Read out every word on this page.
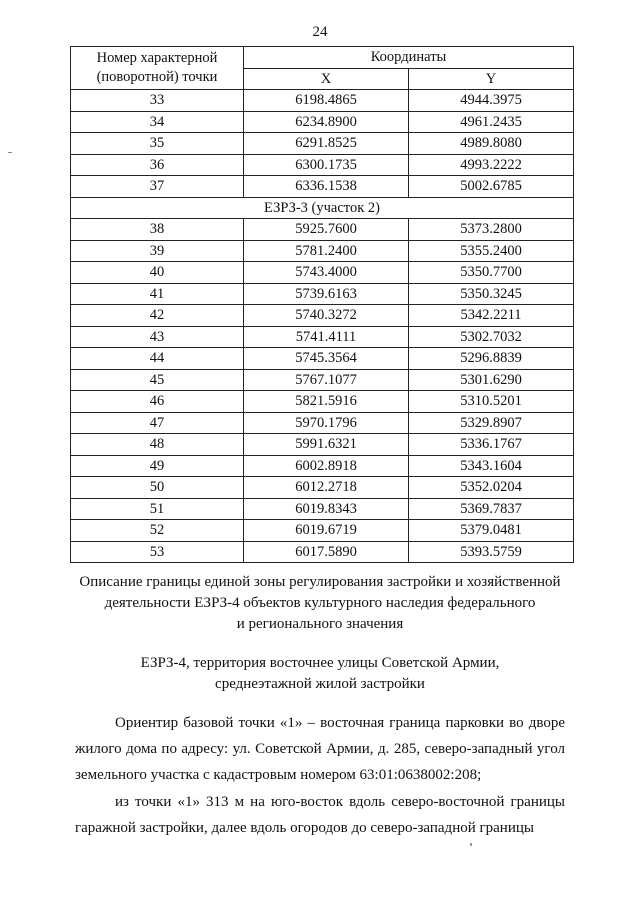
24
Номер характерной (поворотной) точки	Координаты	
	X	Y
33	6198.4865	4944.3975
34	6234.8900	4961.2435
35	6291.8525	4989.8080
36	6300.1735	4993.2222
37	6336.1538	5002.6785
ЕЗРЗ-3 (участок 2)		
38	5925.7600	5373.2800
39	5781.2400	5355.2400
40	5743.4000	5350.7700
41	5739.6163	5350.3245
42	5740.3272	5342.2211
43	5741.4111	5302.7032
44	5745.3564	5296.8839
45	5767.1077	5301.6290
46	5821.5916	5310.5201
47	5970.1796	5329.8907
48	5991.6321	5336.1767
49	6002.8918	5343.1604
50	6012.2718	5352.0204
51	6019.8343	5369.7837
52	6019.6719	5379.0481
53	6017.5890	5393.5759
Описание границы единой зоны регулирования застройки и хозяйственной
деятельности ЕЗРЗ-4 объектов культурного наследия федерального
и регионального значения
ЕЗРЗ-4, территория восточнее улицы Советской Армии,
среднеэтажной жилой застройки
Ориентир базовой точки «1» – восточная граница парковки во дворе жилого дома по адресу: ул. Советской Армии, д. 285, северо-западный угол земельного участка с кадастровым номером 63:01:0638002:208;
из точки «1» 313 м на юго-восток вдоль северо-восточной границы гаражной застройки, далее вдоль огородов до северо-западной границы
